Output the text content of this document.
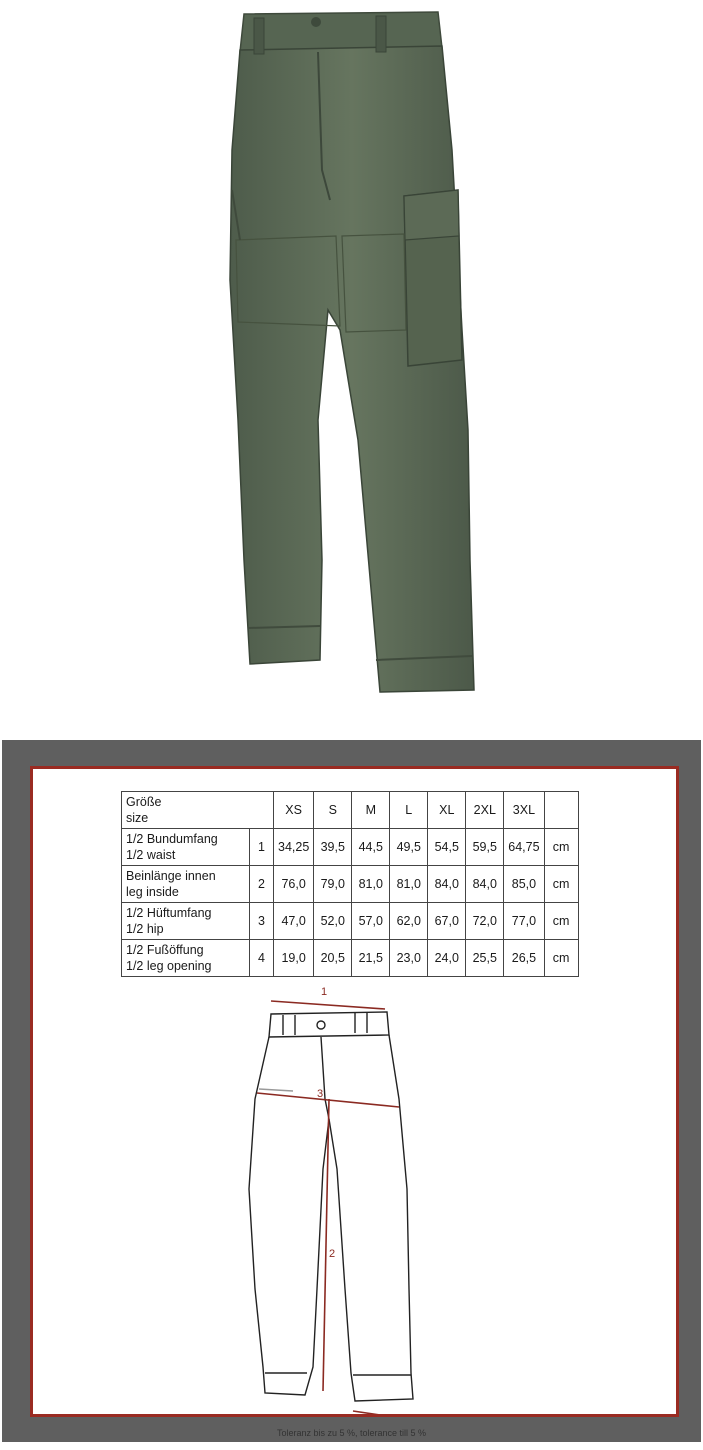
Größe
size		XS	S	M	L	XL	2XL	3XL	

1/2 Bundumfang
1/2 waist	1	34,25	39,5	44,5	49,5	54,5	59,5	64,75	cm

Beinlänge innen
leg inside	2	76,0	79,0	81,0	81,0	84,0	84,0	85,0	cm

1/2 Hüftumfang
1/2 hip	3	47,0	52,0	57,0	62,0	67,0	72,0	77,0	cm

1/2 Fußöffung
1/2 leg opening	4	19,0	20,5	21,5	23,0	24,0	25,5	26,5	cm
1
3
2
Toleranz bis zu 5 %, tolerance till 5 %
